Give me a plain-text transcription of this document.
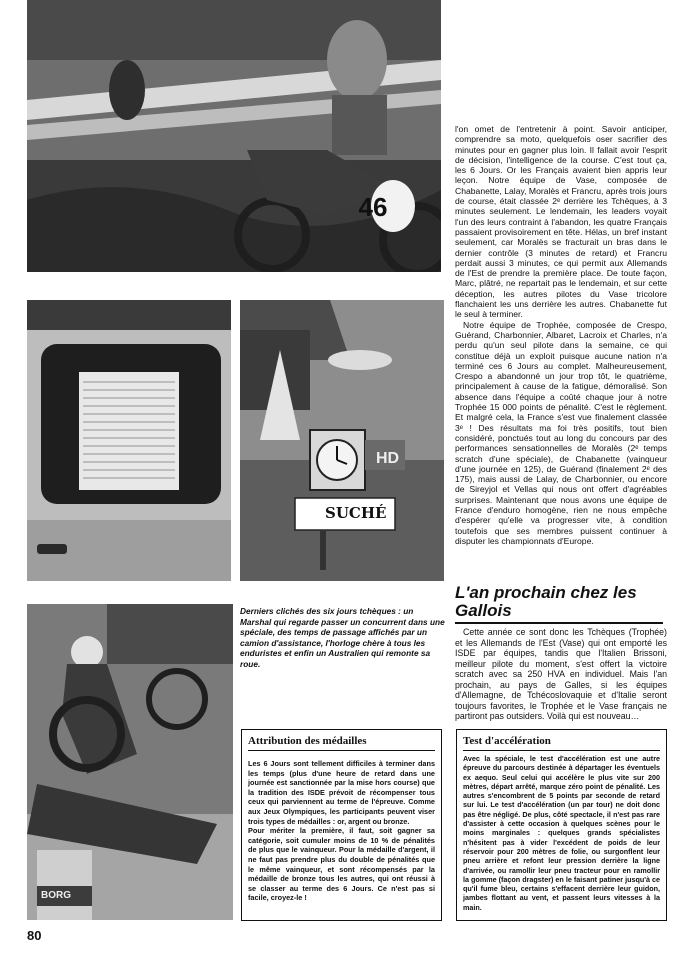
46
SUCHÉ
HD
BORG

l'on omet de l'entretenir à point. Savoir anticiper, comprendre sa moto, quelquefois oser sacrifier des minutes pour en gagner plus loin. Il fallait avoir l'esprit de décision, l'intelligence de la course. C'est tout ça, les 6 Jours. Or les Français avaient bien appris leur leçon. Notre équipe de Vase, composée de Chabanette, Lalay, Moralès et Francru, après trois jours de course, était classée 2ᵉ derrière les Tchèques, à 3 minutes seulement. Le lendemain, les leaders voyait l'un des leurs contraint à l'abandon, les quatre Français passaient provisoirement en tête. Hélas, un bref instant seulement, car Moralès se fracturait un bras dans le dernier contrôle (3 minutes de retard) et Francru perdait aussi 3 minutes, ce qui permit aux Allemands de l'Est de prendre la première place. De toute façon, Marc, plâtré, ne repartait pas le lendemain, et sur cette déception, les autres pilotes du Vase tricolore flanchaient les uns derrière les autres. Chabanette fut le seul à terminer.

Notre équipe de Trophée, composée de Crespo, Guérand, Charbonnier, Albaret, Lacroix et Charles, n'a perdu qu'un seul pilote dans la semaine, ce qui constitue déjà un exploit puisque aucune nation n'a terminé ces 6 Jours au complet. Malheureusement, Crespo a abandonné un jour trop tôt, le quatrième, principalement à cause de la fatigue, démoralisé. Son absence dans l'équipe a coûté chaque jour à notre Trophée 15 000 points de pénalité. C'est le règlement. Et malgré cela, la France s'est vue finalement classée 3ᵉ ! Des résultats ma foi très positifs, tout bien considéré, ponctués tout au long du concours par des performances sensationnelles de Moralès (2ᵉ temps scratch d'une spéciale), de Chabanette (vainqueur d'une journée en 125), de Guérand (finalement 2ᵉ des 175), mais aussi de Lalay, de Charbonnier, ou encore de Sireyjol et Vellas qui nous ont offert d'agréables surprises. Maintenant que nous avons une équipe de France d'enduro homogène, rien ne nous empêche d'espérer qu'elle va progresser vite, à condition toutefois que ses membres puissent continuer à disputer les championnats d'Europe.

Derniers clichés des six jours tchèques : un Marshal qui regarde passer un concurrent dans une spéciale, des temps de passage affichés par un camion d'assistance, l'horloge chère à tous les enduristes et enfin un Australien qui remonte sa roue.
L'an prochain chez les Gallois

Cette année ce sont donc les Tchèques (Trophée) et les Allemands de l'Est (Vase) qui ont emporté les ISDE par équipes, tandis que l'Italien Brissoni, meilleur pilote du moment, s'est offert la victoire scratch avec sa 250 HVA en individuel. Mais l'an prochain, au pays de Galles, si les équipes d'Allemagne, de Tchécoslovaquie et d'Italie seront toujours favorites, le Trophée et le Vase français ne partiront pas outsiders. Voilà qui est nouveau…

Attribution des médailles

Les 6 Jours sont tellement difficiles à terminer dans les temps (plus d'une heure de retard dans une journée est sanctionnée par la mise hors course) que la tradition des ISDE prévoit de récompenser tous ceux qui parviennent au terme de l'épreuve. Comme aux Jeux Olympiques, les participants peuvent viser trois types de médailles : or, argent ou bronze.

Pour mériter la première, il faut, soit gagner sa catégorie, soit cumuler moins de 10 % de pénalités de plus que le vainqueur. Pour la médaille d'argent, il ne faut pas prendre plus du double de pénalités que le même vainqueur, et sont récompensés par la médaille de bronze tous les autres, qui ont réussi à se classer au terme des 6 Jours. Ce n'est pas si facile, croyez-le !

Test d'accélération

Avec la spéciale, le test d'accélération est une autre épreuve du parcours destinée à départager les éventuels ex aequo. Seul celui qui accélère le plus vite sur 200 mètres, départ arrêté, marque zéro point de pénalité. Les autres s'encombrent de 5 points par seconde de retard sur lui. Le test d'accélération (un par tour) ne doit donc pas être négligé. De plus, côté spectacle, il n'est pas rare d'assister à cette occasion à quelques scènes pour le moins marginales : quelques grands spécialistes n'hésitent pas à vider l'excédent de poids de leur réservoir pour 200 mètres de folie, ou surgonflent leur pneu arrière et refont leur pression derrière la ligne d'arrivée, ou ramollir leur pneu tracteur pour en ramollir la gomme (façon dragster) en le faisant patiner jusqu'à ce qu'il fume bleu, certains s'effacent derrière leur guidon, jambes flottant au vent, et passent leurs vitesses à la main.

80
